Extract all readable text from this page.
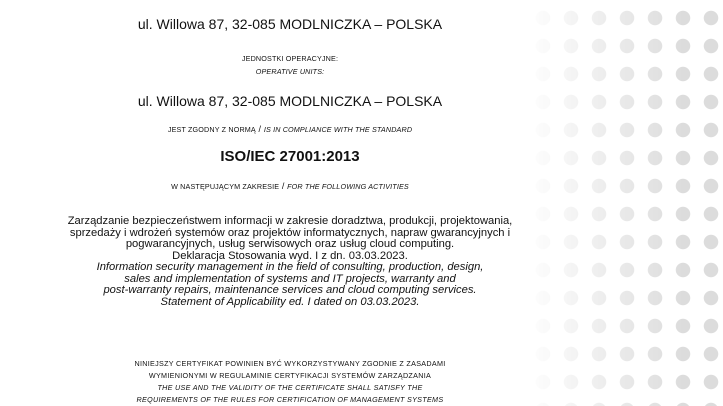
ul. Willowa 87, 32-085 MODLNICZKA – POLSKA
JEDNOSTKI OPERACYJNE:
OPERATIVE UNITS:
ul. Willowa 87, 32-085 MODLNICZKA – POLSKA
JEST ZGODNY Z NORMĄ / IS IN COMPLIANCE WITH THE STANDARD
ISO/IEC 27001:2013
W NASTĘPUJĄCYM ZAKRESIE / FOR THE FOLLOWING ACTIVITIES
Zarządzanie bezpieczeństwem informacji w zakresie doradztwa, produkcji, projektowania,
sprzedaży i wdrożeń systemów oraz projektów informatycznych, napraw gwarancyjnych i
pogwarancyjnych, usług serwisowych oraz usług cloud computing.
Deklaracja Stosowania wyd. I z dn. 03.03.2023.
Information security management in the field of consulting, production, design,
sales and implementation of systems and IT projects, warranty and
post-warranty repairs, maintenance services and cloud computing services.
Statement of Applicability ed. I dated on 03.03.2023.
NINIEJSZY CERTYFIKAT POWINIEN BYĆ WYKORZYSTYWANY ZGODNIE Z ZASADAMI
WYMIENIONYMI W REGULAMINIE CERTYFIKACJI SYSTEMÓW ZARZĄDZANIA
THE USE AND THE VALIDITY OF THE CERTIFICATE SHALL SATISFY THE
REQUIREMENTS OF THE RULES FOR CERTIFICATION OF MANAGEMENT SYSTEMS
